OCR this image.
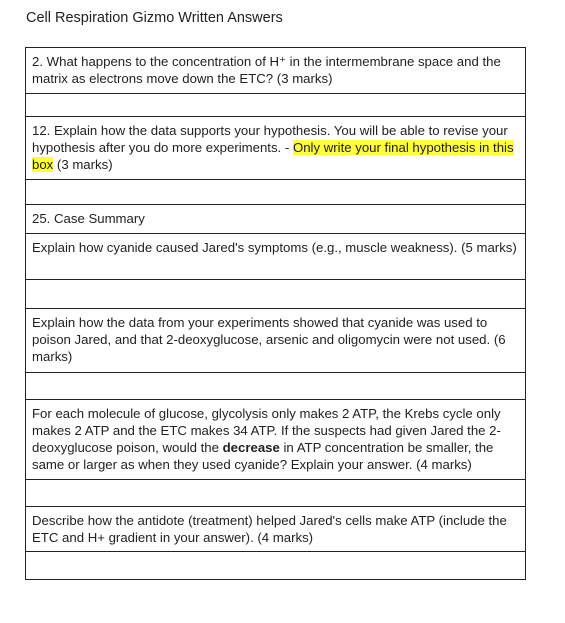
Cell Respiration Gizmo Written Answers
2. What happens to the concentration of H⁺ in the intermembrane space and the matrix as electrons move down the ETC? (3 marks)

12. Explain how the data supports your hypothesis. You will be able to revise your hypothesis after you do more experiments. - Only write your final hypothesis in this box (3 marks)

25. Case Summary
Explain how cyanide caused Jared's symptoms (e.g., muscle weakness). (5 marks)

Explain how the data from your experiments showed that cyanide was used to poison Jared, and that 2-deoxyglucose, arsenic and oligomycin were not used. (6 marks)

For each molecule of glucose, glycolysis only makes 2 ATP, the Krebs cycle only makes 2 ATP and the ETC makes 34 ATP. If the suspects had given Jared the 2-deoxyglucose poison, would the decrease in ATP concentration be smaller, the same or larger as when they used cyanide? Explain your answer. (4 marks)

Describe how the antidote (treatment) helped Jared's cells make ATP (include the ETC and H+ gradient in your answer). (4 marks)
